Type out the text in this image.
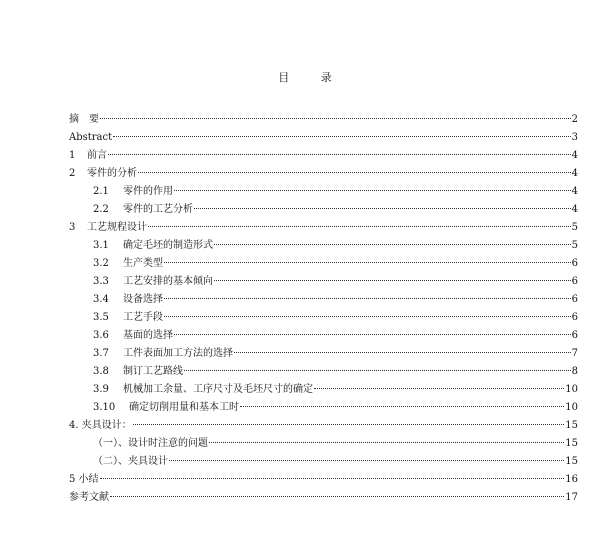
目 录
摘　要	2
Abstract	3
1	前言	4
2	零件的分析	4
2.1	零件的作用	4
2.2	零件的工艺分析	4
3	工艺规程设计	5
3.1	确定毛坯的制造形式	5
3.2	生产类型	6
3.3	工艺安排的基本倾向	6
3.4	设备选择	6
3.5	工艺手段	6
3.6	基面的选择	6
3.7	工件表面加工方法的选择	7
3.8	制订工艺路线	8
3.9	机械加工余量、工序尺寸及毛坯尺寸的确定	10
3.10	确定切削用量和基本工时	10
4. 夹具设计：	15
（一）、设计时注意的问题	15
（二）、夹具设计	15
5 小结	16
参考文献	17
